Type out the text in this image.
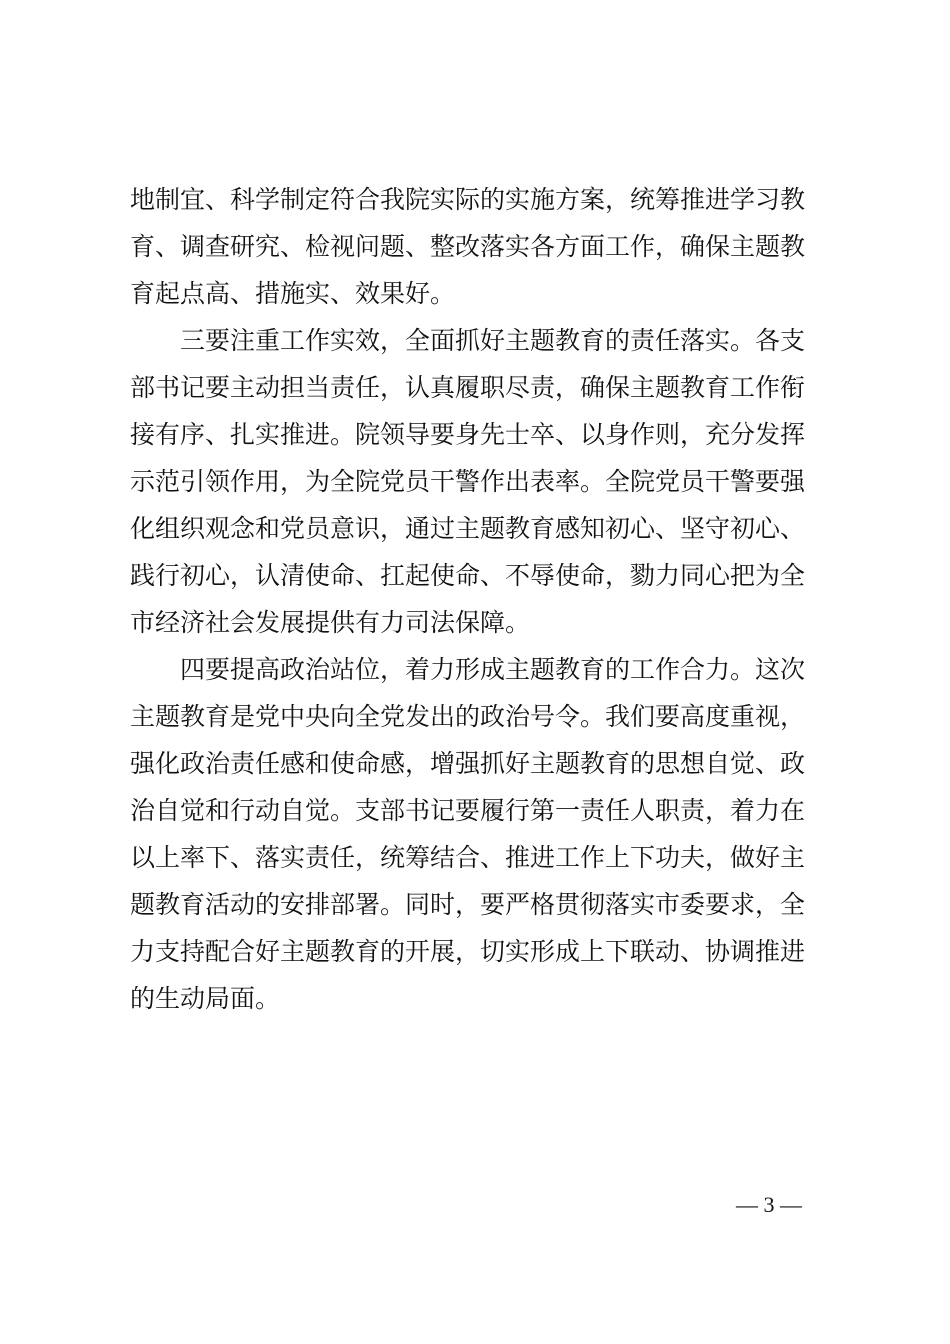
地制宜、科学制定符合我院实际的实施方案，统筹推进学习教
育、调查研究、检视问题、整改落实各方面工作，确保主题教
育起点高、措施实、效果好。
　　三要注重工作实效，全面抓好主题教育的责任落实。各支
部书记要主动担当责任，认真履职尽责，确保主题教育工作衔
接有序、扎实推进。院领导要身先士卒、以身作则，充分发挥
示范引领作用，为全院党员干警作出表率。全院党员干警要强
化组织观念和党员意识，通过主题教育感知初心、坚守初心、
践行初心，认清使命、扛起使命、不辱使命，勠力同心把为全
市经济社会发展提供有力司法保障。
　　四要提高政治站位，着力形成主题教育的工作合力。这次
主题教育是党中央向全党发出的政治号令。我们要高度重视，
强化政治责任感和使命感，增强抓好主题教育的思想自觉、政
治自觉和行动自觉。支部书记要履行第一责任人职责，着力在
以上率下、落实责任，统筹结合、推进工作上下功夫，做好主
题教育活动的安排部署。同时，要严格贯彻落实市委要求，全
力支持配合好主题教育的开展，切实形成上下联动、协调推进
的生动局面。
— 3 —
